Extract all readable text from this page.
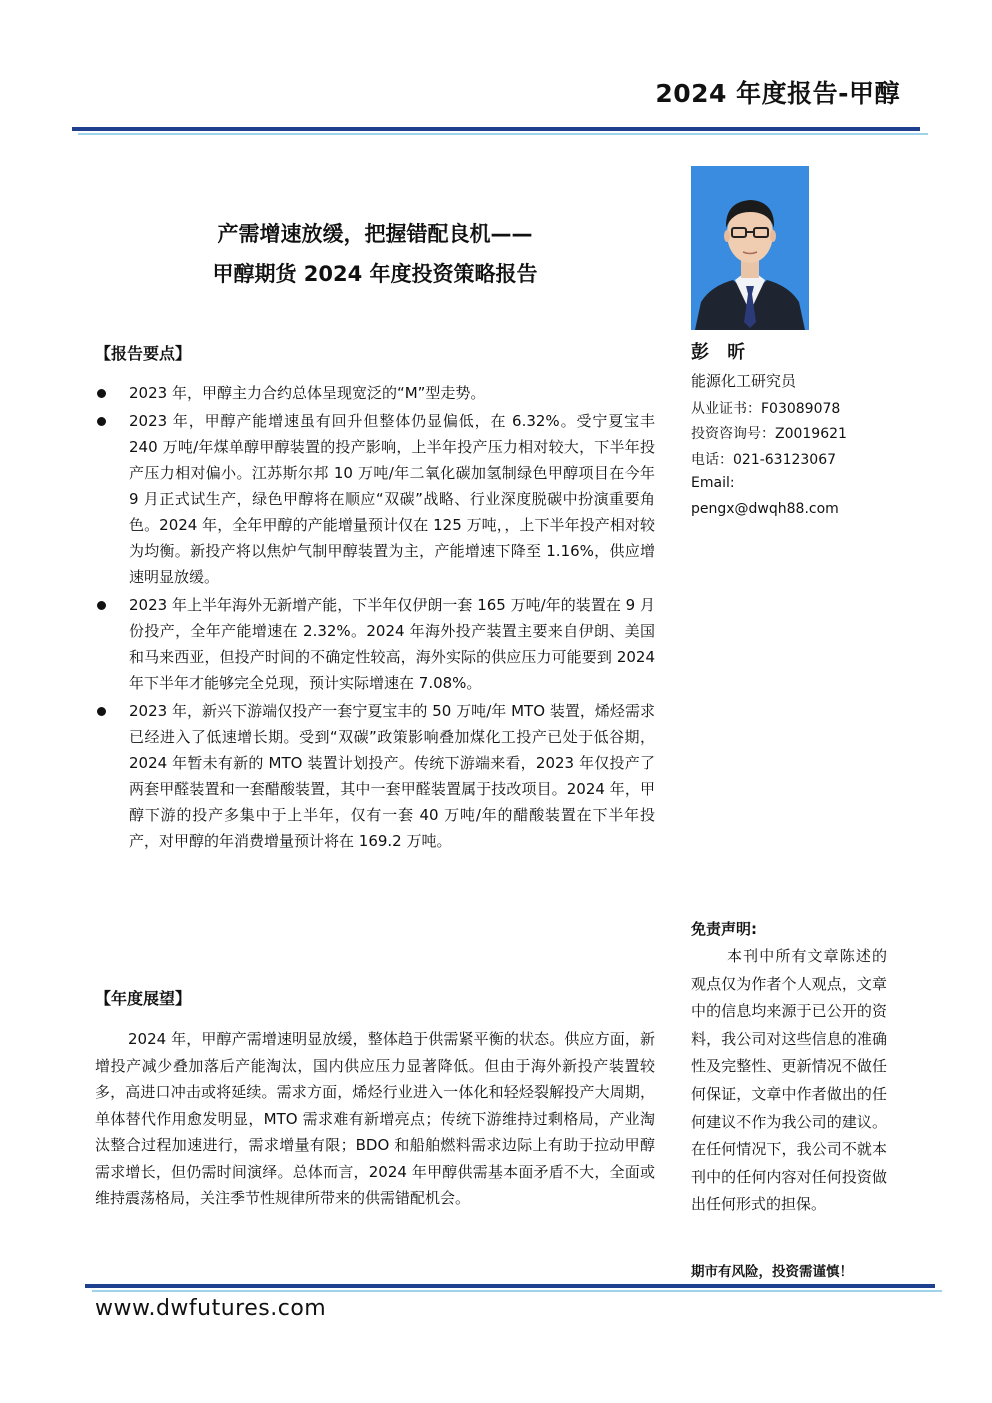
2024 年度报告-甲醇
产需增速放缓，把握错配良机——
甲醇期货 2024 年度投资策略报告
【报告要点】
2023 年，甲醇主力合约总体呈现宽泛的“M”型走势。
2023 年，甲醇产能增速虽有回升但整体仍显偏低，在 6.32%。受宁夏宝丰 240 万吨/年煤单醇甲醇装置的投产影响，上半年投产压力相对较大，下半年投产压力相对偏小。江苏斯尔邦 10 万吨/年二氧化碳加氢制绿色甲醇项目在今年 9 月正式试生产，绿色甲醇将在顺应“双碳”战略、行业深度脱碳中扮演重要角色。2024 年，全年甲醇的产能增量预计仅在 125 万吨，，上下半年投产相对较为均衡。新投产将以焦炉气制甲醇装置为主，产能增速下降至 1.16%，供应增速明显放缓。
2023 年上半年海外无新增产能，下半年仅伊朗一套 165 万吨/年的装置在 9 月份投产，全年产能增速在 2.32%。2024 年海外投产装置主要来自伊朗、美国和马来西亚，但投产时间的不确定性较高，海外实际的供应压力可能要到 2024 年下半年才能够完全兑现，预计实际增速在 7.08%。
2023 年，新兴下游端仅投产一套宁夏宝丰的 50 万吨/年 MTO 装置，烯烃需求已经进入了低速增长期。受到“双碳”政策影响叠加煤化工投产已处于低谷期，2024 年暂未有新的 MTO 装置计划投产。传统下游端来看，2023 年仅投产了两套甲醛装置和一套醋酸装置，其中一套甲醛装置属于技改项目。2024 年，甲醇下游的投产多集中于上半年，仅有一套 40 万吨/年的醋酸装置在下半年投产，对甲醇的年消费增量预计将在 169.2 万吨。
【年度展望】

2024 年，甲醇产需增速明显放缓，整体趋于供需紧平衡的状态。供应方面，新增投产减少叠加落后产能淘汰，国内供应压力显著降低。但由于海外新投产装置较多，高进口冲击或将延续。需求方面，烯烃行业进入一体化和轻烃裂解投产大周期，单体替代作用愈发明显，MTO 需求难有新增亮点；传统下游维持过剩格局，产业淘汰整合过程加速进行，需求增量有限；BDO 和船舶燃料需求边际上有助于拉动甲醇需求增长，但仍需时间演绎。总体而言，2024 年甲醇供需基本面矛盾不大，全面或维持震荡格局，关注季节性规律所带来的供需错配机会。

彭 昕
能源化工研究员
从业证书：F03089078
投资咨询号：Z0019621
电话：021-63123067
Email:
pengx@dwqh88.com
免责声明:

本刊中所有文章陈述的观点仅为作者个人观点，文章中的信息均来源于已公开的资料，我公司对这些信息的准确性及完整性、更新情况不做任何保证，文章中作者做出的任何建议不作为我公司的建议。在任何情况下，我公司不就本刊中的任何内容对任何投资做出任何形式的担保。

期市有风险，投资需谨慎！
www.dwfutures.com
